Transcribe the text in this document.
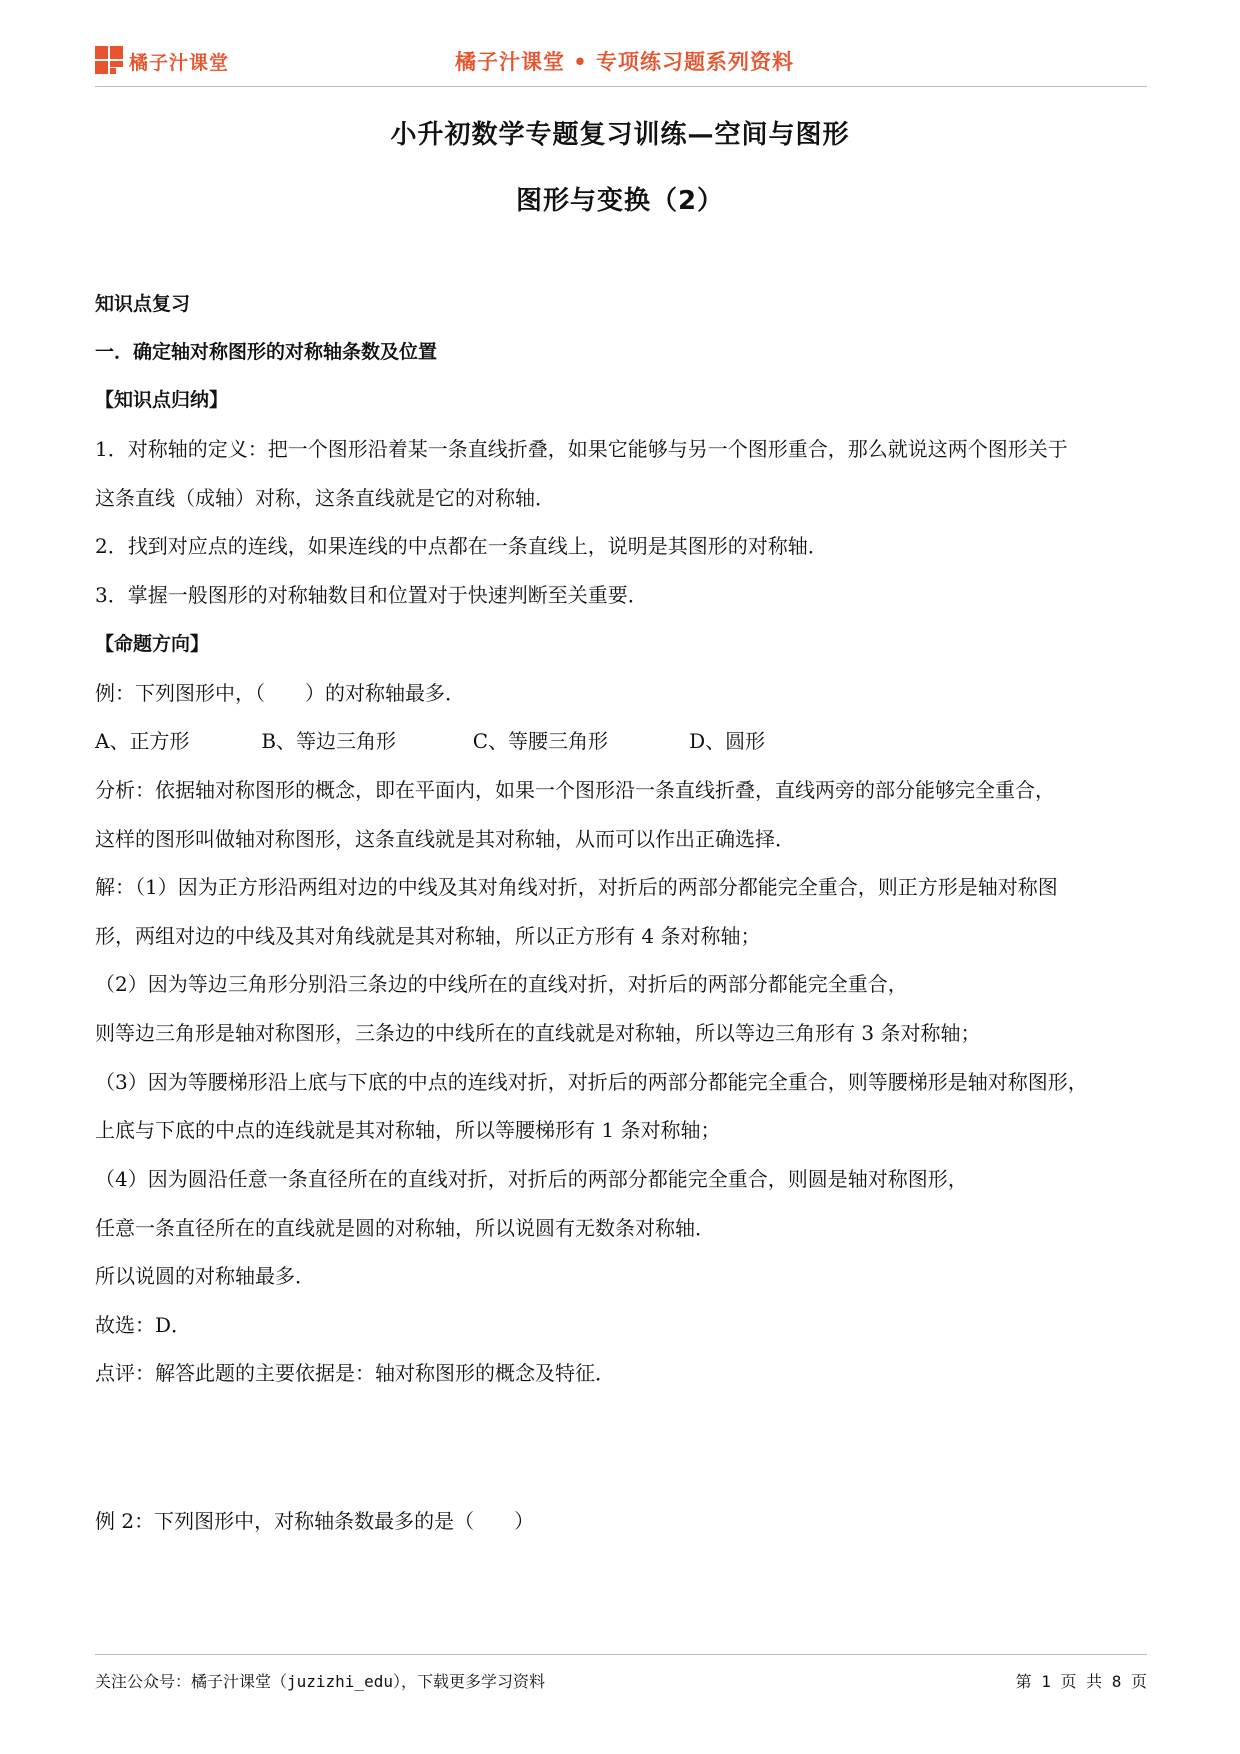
橘子汁课堂	橘子汁课堂 • 专项练习题系列资料
小升初数学专题复习训练—空间与图形
图形与变换（2）
知识点复习
一．确定轴对称图形的对称轴条数及位置
【知识点归纳】
1．对称轴的定义：把一个图形沿着某一条直线折叠，如果它能够与另一个图形重合，那么就说这两个图形关于
这条直线（成轴）对称，这条直线就是它的对称轴．
2．找到对应点的连线，如果连线的中点都在一条直线上，说明是其图形的对称轴．
3．掌握一般图形的对称轴数目和位置对于快速判断至关重要．
【命题方向】
例：下列图形中，（　　）的对称轴最多．
A、正方形	B、等边三角形	C、等腰三角形	D、圆形
分析：依据轴对称图形的概念，即在平面内，如果一个图形沿一条直线折叠，直线两旁的部分能够完全重合，
这样的图形叫做轴对称图形，这条直线就是其对称轴，从而可以作出正确选择．
解：（1）因为正方形沿两组对边的中线及其对角线对折，对折后的两部分都能完全重合，则正方形是轴对称图
形，两组对边的中线及其对角线就是其对称轴，所以正方形有 4 条对称轴；
（2）因为等边三角形分别沿三条边的中线所在的直线对折，对折后的两部分都能完全重合，
则等边三角形是轴对称图形，三条边的中线所在的直线就是对称轴，所以等边三角形有 3 条对称轴；
（3）因为等腰梯形沿上底与下底的中点的连线对折，对折后的两部分都能完全重合，则等腰梯形是轴对称图形，
上底与下底的中点的连线就是其对称轴，所以等腰梯形有 1 条对称轴；
（4）因为圆沿任意一条直径所在的直线对折，对折后的两部分都能完全重合，则圆是轴对称图形，
任意一条直径所在的直线就是圆的对称轴，所以说圆有无数条对称轴．
所以说圆的对称轴最多．
故选：D．
点评：解答此题的主要依据是：轴对称图形的概念及特征．
例 2：下列图形中，对称轴条数最多的是（　　）
关注公众号：橘子汁课堂（juzizhi_edu），下载更多学习资料	第 1 页 共 8 页
